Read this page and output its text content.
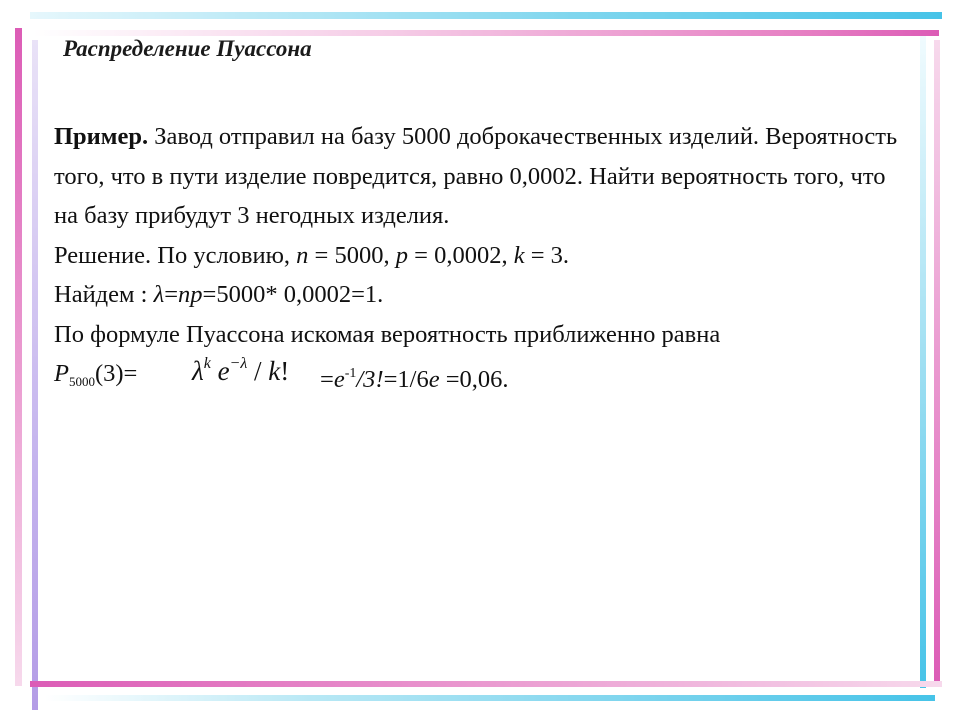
Распределение Пуассона

Пример. Завод отправил на базу 5000 доброкачественных изделий. Вероятность того, что в пути изделие повредится, равно 0,0002. Найти вероятность того, что на базу прибудут 3 негодных изделия.

Решение. По условию, n = 5000, p = 0,0002, k = 3.

Найдем : λ=np=5000* 0,0002=1.

По формуле Пуассона искомая вероятность приближенно равна

$P_{5000}(3)= \lambda^k$ $e^{-\lambda}$ / k! $=e^{-1}/3!=1/6e =0,06$.
